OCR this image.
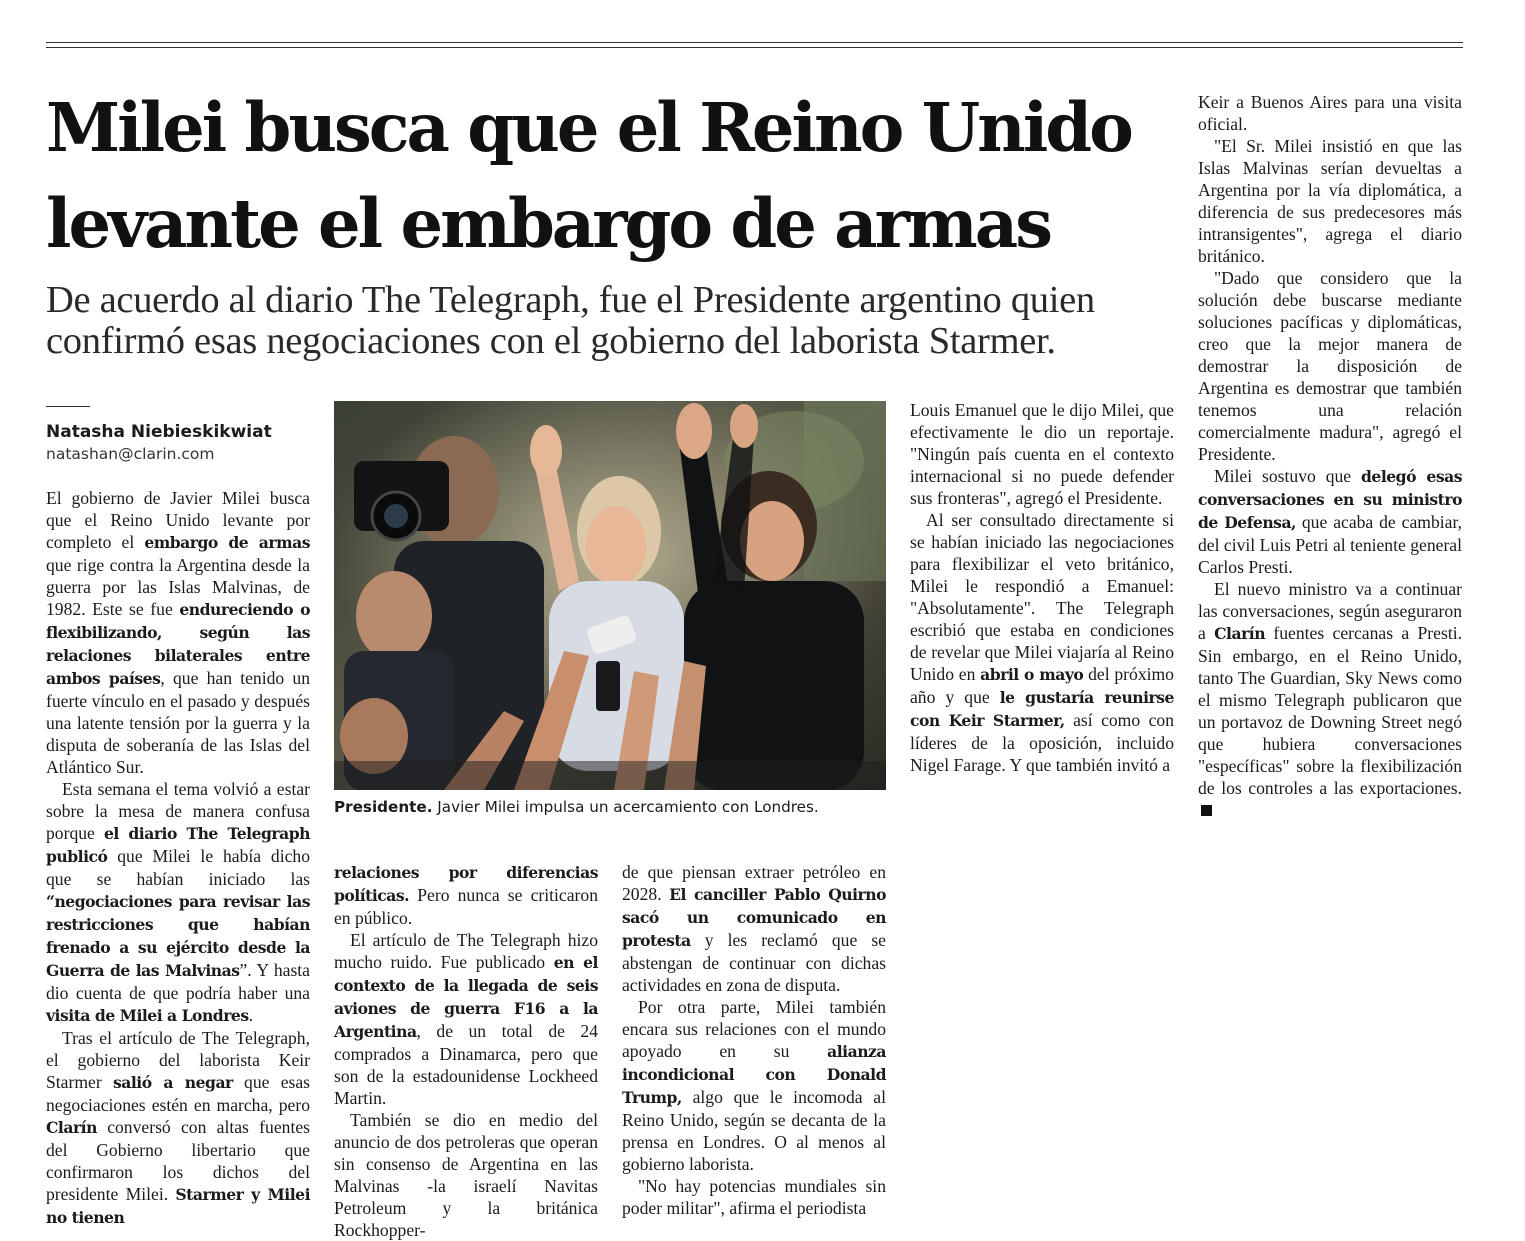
Milei busca que el Reino Unido levante el embargo de armas

De acuerdo al diario The Telegraph, fue el Presidente argentino quien confirmó esas negociaciones con el gobierno del laborista Starmer.

Natasha Niebieskikwiat
natashan@clarin.com

El gobierno de Javier Milei busca que el Reino Unido levante por completo el embargo de armas que rige contra la Argentina desde la guerra por las Islas Malvinas, de 1982. Este se fue endureciendo o flexibilizando, según las relaciones bilaterales entre ambos países, que han tenido un fuerte vínculo en el pasado y después una latente tensión por la guerra y la disputa de soberanía de las Islas del Atlántico Sur.

Esta semana el tema volvió a estar sobre la mesa de manera confusa porque el diario The Telegraph publicó que Milei le había dicho que se habían iniciado las “negociaciones para revisar las restricciones que habían frenado a su ejército desde la Guerra de las Malvinas”. Y hasta dio cuenta de que podría haber una visita de Milei a Londres.

Tras el artículo de The Telegraph, el gobierno del laborista Keir Starmer salió a negar que esas negociaciones estén en marcha, pero Clarín conversó con altas fuentes del Gobierno libertario que confirmaron los dichos del presidente Milei. Starmer y Milei no tienen

Presidente. Javier Milei impulsa un acercamiento con Londres.

relaciones por diferencias políticas. Pero nunca se criticaron en público.

El artículo de The Telegraph hizo mucho ruido. Fue publicado en el contexto de la llegada de seis aviones de guerra F16 a la Argentina, de un total de 24 comprados a Dinamarca, pero que son de la estadounidense Lockheed Martin.

También se dio en medio del anuncio de dos petroleras que operan sin consenso de Argentina en las Malvinas -la israelí Navitas Petroleum y la británica Rockhopper-

de que piensan extraer petróleo en 2028. El canciller Pablo Quirno sacó un comunicado en protesta y les reclamó que se abstengan de continuar con dichas actividades en zona de disputa.

Por otra parte, Milei también encara sus relaciones con el mundo apoyado en su alianza incondicional con Donald Trump, algo que le incomoda al Reino Unido, según se decanta de la prensa en Londres. O al menos al gobierno laborista.

"No hay potencias mundiales sin poder militar", afirma el periodista

Louis Emanuel que le dijo Milei, que efectivamente le dio un reportaje. "Ningún país cuenta en el contexto internacional si no puede defender sus fronteras", agregó el Presidente.

Al ser consultado directamente si se habían iniciado las negociaciones para flexibilizar el veto británico, Milei le respondió a Emanuel: "Absolutamente". The Telegraph escribió que estaba en condiciones de revelar que Milei viajaría al Reino Unido en abril o mayo del próximo año y que le gustaría reunirse con Keir Starmer, así como con líderes de la oposición, incluido Nigel Farage. Y que también invitó a

Keir a Buenos Aires para una visita oficial.

"El Sr. Milei insistió en que las Islas Malvinas serían devueltas a Argentina por la vía diplomática, a diferencia de sus predecesores más intransigentes", agrega el diario británico.

"Dado que considero que la solución debe buscarse mediante soluciones pacíficas y diplomáticas, creo que la mejor manera de demostrar la disposición de Argentina es demostrar que también tenemos una relación comercialmente madura", agregó el Presidente.

Milei sostuvo que delegó esas conversaciones en su ministro de Defensa, que acaba de cambiar, del civil Luis Petri al teniente general Carlos Presti.

El nuevo ministro va a continuar las conversaciones, según aseguraron a Clarín fuentes cercanas a Presti. Sin embargo, en el Reino Unido, tanto The Guardian, Sky News como el mismo Telegraph publicaron que un portavoz de Downing Street negó que hubiera conversaciones "específicas" sobre la flexibilización de los controles a las exportaciones.
